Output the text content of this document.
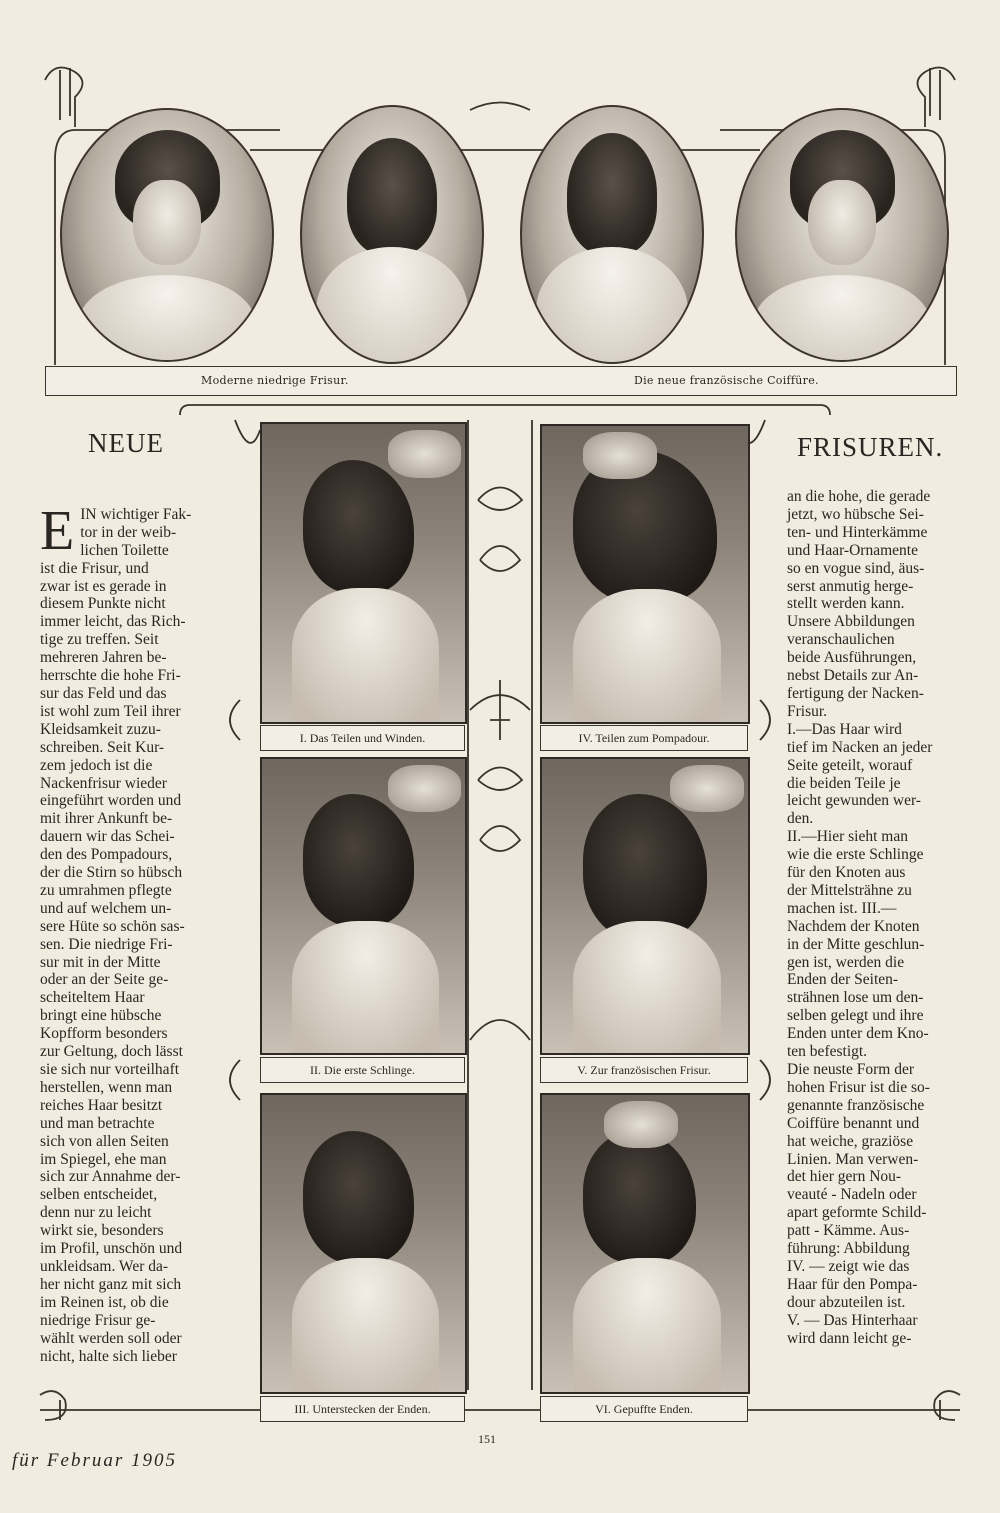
Moderne niedrige Frisur.	Die neue französische Coiffüre.
NEUE	FRISUREN.

EIN wichtiger Fak-
tor in der weib-
lichen Toilette
ist die Frisur, und
zwar ist es gerade in
diesem Punkte nicht
immer leicht, das Rich-
tige zu treffen. Seit
mehreren Jahren be-
herrschte die hohe Fri-
sur das Feld und das
ist wohl zum Teil ihrer
Kleidsamkeit zuzu-
schreiben. Seit Kur-
zem jedoch ist die
Nackenfrisur wieder
eingeführt worden und
mit ihrer Ankunft be-
dauern wir das Schei-
den des Pompadours,
der die Stirn so hübsch
zu umrahmen pflegte
und auf welchem un-
sere Hüte so schön sas-
sen. Die niedrige Fri-
sur mit in der Mitte
oder an der Seite ge-
scheiteltem Haar
bringt eine hübsche
Kopfform besonders
zur Geltung, doch lässt
sie sich nur vorteilhaft
herstellen, wenn man
reiches Haar besitzt
und man betrachte
sich von allen Seiten
im Spiegel, ehe man
sich zur Annahme der-
selben entscheidet,
denn nur zu leicht
wirkt sie, besonders
im Profil, unschön und
unkleidsam. Wer da-
her nicht ganz mit sich
im Reinen ist, ob die
niedrige Frisur ge-
wählt werden soll oder
nicht, halte sich lieber

an die hohe, die gerade
jetzt, wo hübsche Sei-
ten- und Hinterkämme
und Haar-Ornamente
so en vogue sind, äus-
serst anmutig herge-
stellt werden kann.
Unsere Abbildungen
veranschaulichen
beide Ausführungen,
nebst Details zur An-
fertigung der Nacken-
Frisur.
I.—Das Haar wird
tief im Nacken an jeder
Seite geteilt, worauf
die beiden Teile je
leicht gewunden wer-
den.
II.—Hier sieht man
wie die erste Schlinge
für den Knoten aus
der Mittelsträhne zu
machen ist. III.—
Nachdem der Knoten
in der Mitte geschlun-
gen ist, werden die
Enden der Seiten-
strähnen lose um den-
selben gelegt und ihre
Enden unter dem Kno-
ten befestigt.
Die neuste Form der
hohen Frisur ist die so-
genannte französische
Coiffüre benannt und
hat weiche, graziöse
Linien. Man verwen-
det hier gern Nou-
veauté - Nadeln oder
apart geformte Schild-
patt - Kämme. Aus-
führung: Abbildung
IV. — zeigt wie das
Haar für den Pompa-
dour abzuteilen ist.
V. — Das Hinterhaar
wird dann leicht ge-
I. Das Teilen und Winden.	IV. Teilen zum Pompadour.
II. Die erste Schlinge.	V. Zur französischen Frisur.
III. Unterstecken der Enden.	VI. Gepuffte Enden.
151
für Februar 1905
